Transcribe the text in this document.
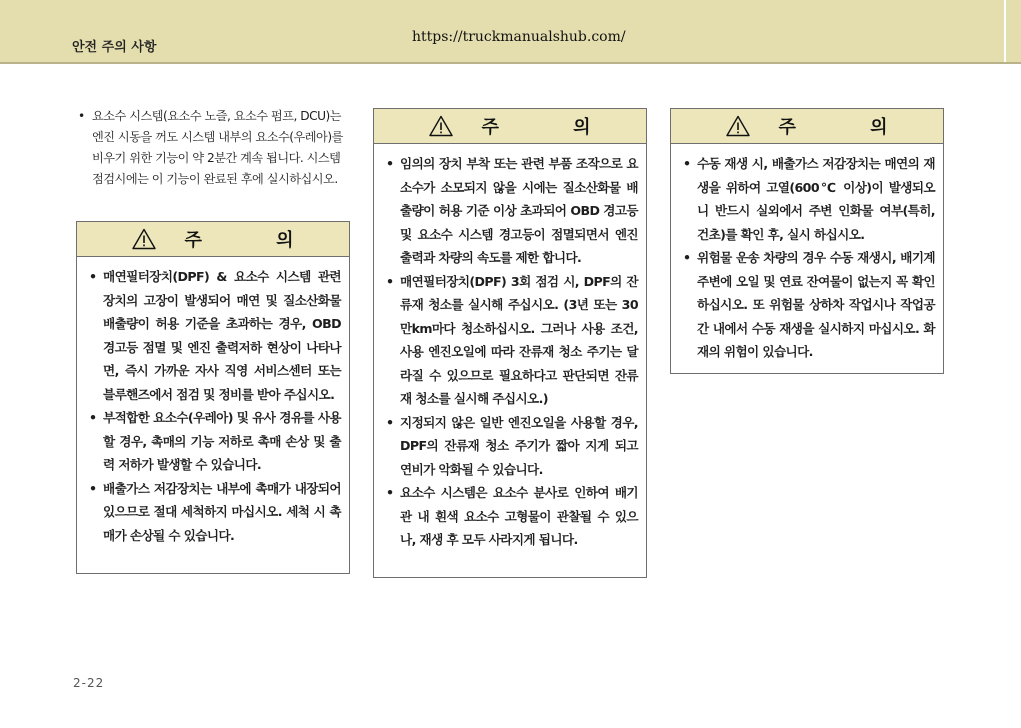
안전 주의 사항
https://truckmanualshub.com/
• 요소수 시스템(요소수 노즐, 요소수 펌프, DCU)는 엔진 시동을 꺼도 시스템 내부의 요소수(우레아)를 비우기 위한 기능이 약 2분간 계속 됩니다. 시스템 점검시에는 이 기능이 완료된 후에 실시하십시오.
주 의
• 매연필터장치(DPF) & 요소수 시스템 관련 장치의 고장이 발생되어 매연 및 질소산화물 배출량이 허용 기준을 초과하는 경우, OBD 경고등 점멸 및 엔진 출력저하 현상이 나타나면, 즉시 가까운 자사 직영 서비스센터 또는 블루핸즈에서 점검 및 정비를 받아 주십시오.
• 부적합한 요소수(우레아) 및 유사 경유를 사용할 경우, 촉매의 기능 저하로 촉매 손상 및 출력 저하가 발생할 수 있습니다.
• 배출가스 저감장치는 내부에 촉매가 내장되어 있으므로 절대 세척하지 마십시오. 세척 시 촉매가 손상될 수 있습니다.
주 의
• 임의의 장치 부착 또는 관련 부품 조작으로 요소수가 소모되지 않을 시에는 질소산화물 배출량이 허용 기준 이상 초과되어 OBD 경고등 및 요소수 시스템 경고등이 점멸되면서 엔진 출력과 차량의 속도를 제한 합니다.
• 매연필터장치(DPF) 3회 점검 시, DPF의 잔류재 청소를 실시해 주십시오. (3년 또는 30만km마다 청소하십시오. 그러나 사용 조건, 사용 엔진오일에 따라 잔류재 청소 주기는 달라질 수 있으므로 필요하다고 판단되면 잔류재 청소를 실시해 주십시오.)
• 지정되지 않은 일반 엔진오일을 사용할 경우, DPF의 잔류재 청소 주기가 짧아 지게 되고 연비가 악화될 수 있습니다.
• 요소수 시스템은 요소수 분사로 인하여 배기관 내 흰색 요소수 고형물이 관찰될 수 있으나, 재생 후 모두 사라지게 됩니다.
주 의
• 수동 재생 시, 배출가스 저감장치는 매연의 재생을 위하여 고열(600℃ 이상)이 발생되오니 반드시 실외에서 주변 인화물 여부(특히, 건초)를 확인 후, 실시 하십시오.
• 위험물 운송 차량의 경우 수동 재생시, 배기계 주변에 오일 및 연료 잔여물이 없는지 꼭 확인하십시오. 또 위험물 상하차 작업시나 작업공간 내에서 수동 재생을 실시하지 마십시오. 화재의 위험이 있습니다.
2-22
